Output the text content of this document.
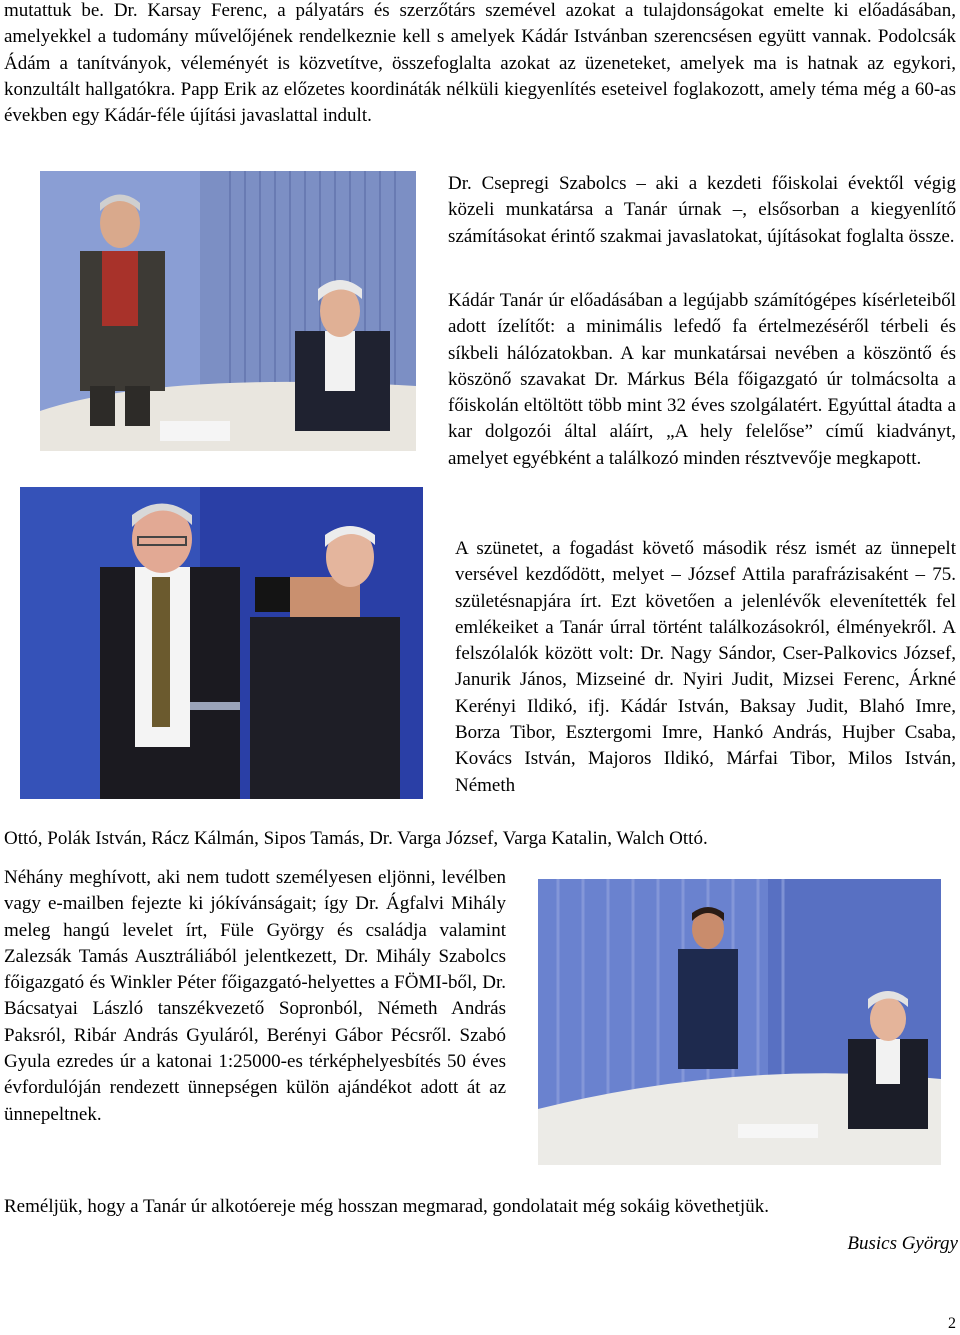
mutattuk be. Dr. Karsay Ferenc, a pályatárs és szerzőtárs szemével azokat a tulajdonságokat emelte ki előadásában, amelyekkel a tudomány művelőjének rendelkeznie kell s amelyek Kádár Istvánban szerencsésen együtt vannak. Podolcsák Ádám a tanítványok, véleményét is közvetítve, összefoglalta azokat az üzeneteket, amelyek ma is hatnak az egykori, konzultált hallgatókra. Papp Erik az előzetes koordináták nélküli kiegyenlítés eseteivel foglakozott, amely téma még a 60-as években egy Kádár-féle újítási javaslattal indult.

Dr. Csepregi Szabolcs – aki a kezdeti főiskolai évektől végig közeli munkatársa a Tanár úrnak –, elsősorban a kiegyenlítő számításokat érintő szakmai javaslatokat, újításokat foglalta össze.

Kádár Tanár úr előadásában a legújabb számítógépes kísérleteiből adott ízelítőt: a minimális lefedő fa értelmezéséről térbeli és síkbeli hálózatokban. A kar munkatársai nevében a köszöntő és köszönő szavakat Dr. Márkus Béla főigazgató úr tolmácsolta a főiskolán eltöltött több mint 32 éves szolgálatért. Egyúttal átadta a kar dolgozói által aláírt, „A hely felelőse” című kiadványt, amelyet egyébként a találkozó minden résztvevője megkapott.

A szünetet, a fogadást követő második rész ismét az ünnepelt versével kezdődött, melyet – József Attila parafrázisaként – 75. születésnapjára írt. Ezt követően a jelenlévők elevenítették fel emlékeiket a Tanár úrral történt találkozásokról, élményekről. A felszólalók között volt: Dr. Nagy Sándor, Cser-Palkovics József, Janurik János, Mizseiné dr. Nyiri Judit, Mizsei Ferenc, Árkné Kerényi Ildikó, ifj. Kádár István, Baksay Judit, Blahó Imre, Borza Tibor, Esztergomi Imre, Hankó András, Hujber Csaba, Kovács István, Majoros Ildikó, Márfai Tibor, Milos István, Németh

Ottó, Polák István, Rácz Kálmán, Sipos Tamás, Dr. Varga József, Varga Katalin, Walch Ottó.

Néhány meghívott, aki nem tudott személyesen eljönni, levélben vagy e-mailben fejezte ki jókívánságait; így Dr. Ágfalvi Mihály meleg hangú levelet írt, Füle György és családja valamint Zalezsák Tamás Ausztráliából jelentkezett, Dr. Mihály Szabolcs főigazgató és Winkler Péter főigazgató-helyettes a FÖMI-ből, Dr. Bácsatyai László tanszékvezető Sopronból, Németh András Paksról, Ribár András Gyuláról, Berényi Gábor Pécsről. Szabó Gyula ezredes úr a katonai 1:25000-es térképhelyesbítés 50 éves évfordulóján rendezett ünnepségen külön ajándékot adott át az ünnepeltnek.

Reméljük, hogy a Tanár úr alkotóereje még hosszan megmarad, gondolatait még sokáig követhetjük.

Busics György
2
